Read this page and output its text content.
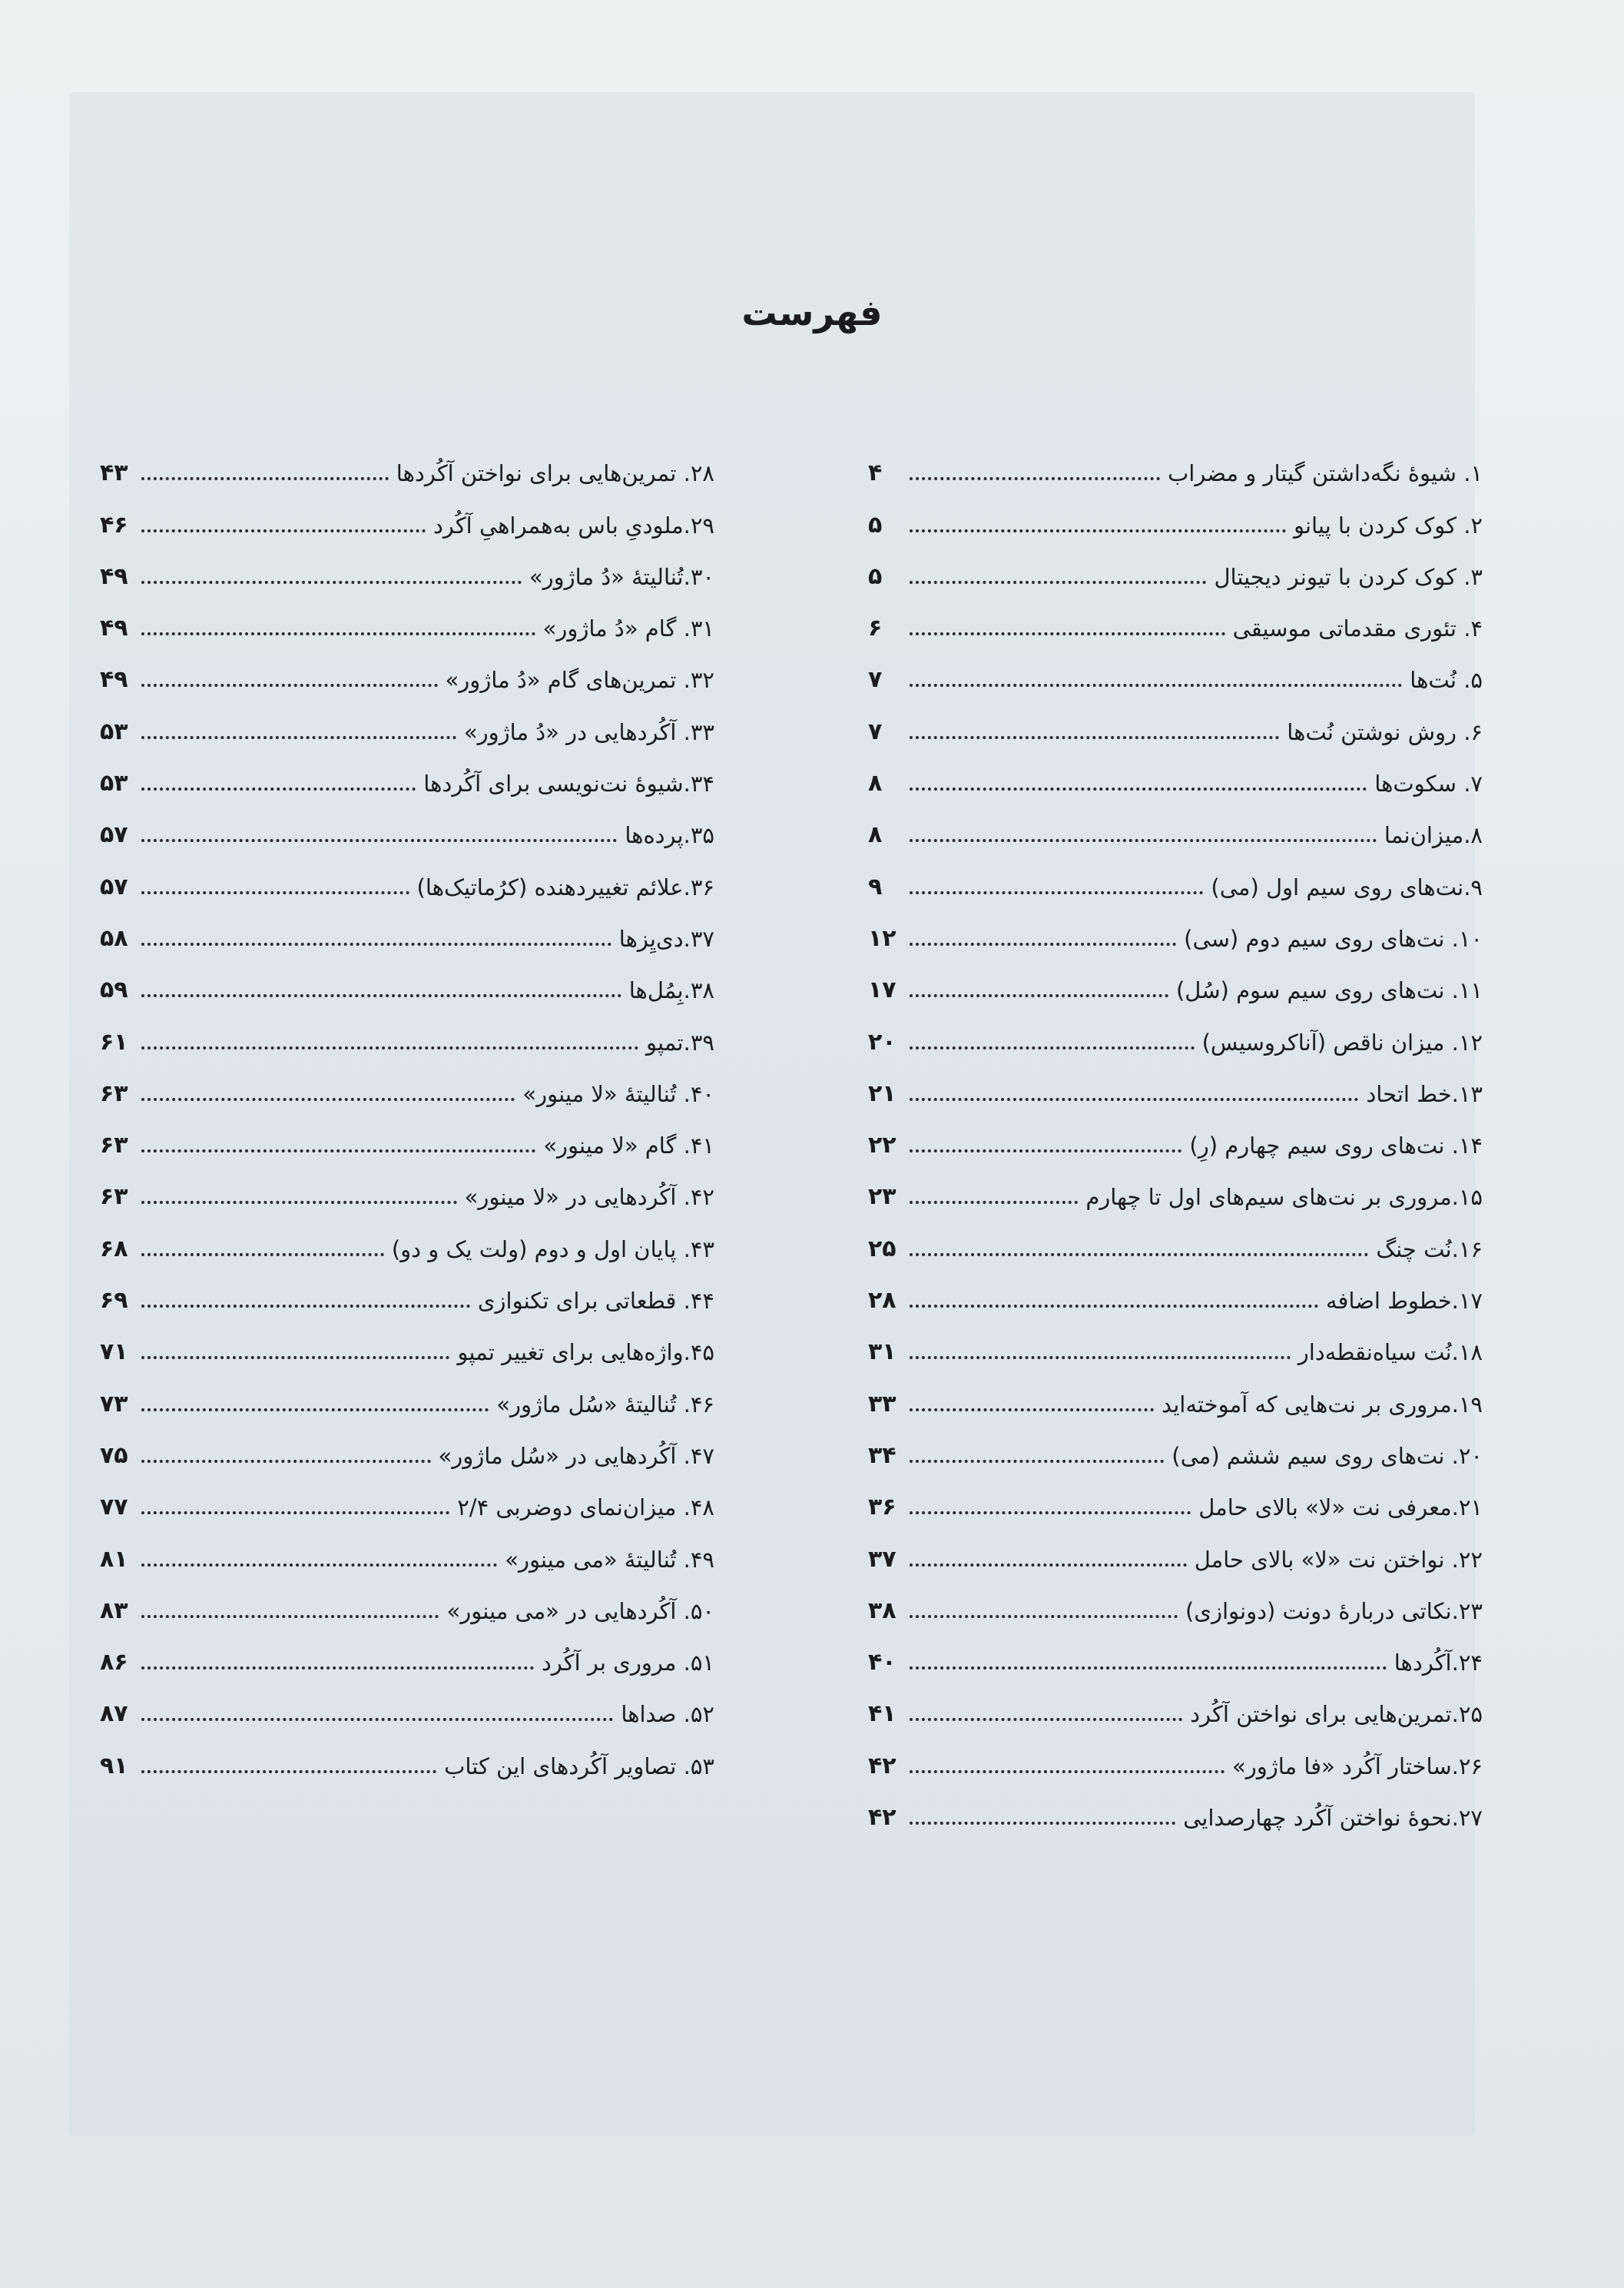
فهرست
۱. شیوهٔ نگه‌داشتن گیتار و مضراب
۴
۲. کوک کردن با پیانو
۵
۳. کوک کردن با تیونر دیجیتال
۵
۴. تئوری مقدماتی موسیقی
۶
۵. نُت‌ها
۷
۶. روش نوشتن نُت‌ها
۷
۷. سکوت‌ها
۸
۸.میزان‌نما
۸
۹.نت‌های روی سیم اول (می)
۹
۱۰. نت‌های روی سیم دوم (سی)
۱۲
۱۱. نت‌های روی سیم سوم (سُل)
۱۷
۱۲. میزان ناقص (آناکروسیس)
۲۰
۱۳.خط اتحاد
۲۱
۱۴. نت‌های روی سیم چهارم (رِ)
۲۲
۱۵.مروری بر نت‌های سیم‌های اول تا چهارم
۲۳
۱۶.نُت چنگ
۲۵
۱۷.خطوط اضافه
۲۸
۱۸.نُت سیاه‌نقطه‌دار
۳۱
۱۹.مروری بر نت‌هایی که آموخته‌اید
۳۳
۲۰. نت‌های روی سیم ششم (می)
۳۴
۲۱.معرفی نت «لا» بالای حامل
۳۶
۲۲. نواختن نت «لا» بالای حامل
۳۷
۲۳.نکاتی دربارهٔ دونت (دونوازی)
۳۸
۲۴.آکُردها
۴۰
۲۵.تمرین‌هایی برای نواختن آکُرد
۴۱
۲۶.ساختار آکُرد «فا ماژور»
۴۲
۲۷.نحوهٔ نواختن آکُرد چهارصدایی
۴۲
۲۸. تمرین‌هایی برای نواختن آکُردها
۴۳
۲۹.ملودیِ باس به‌همراهیِ آکُرد
۴۶
۳۰.تُنالیتهٔ «دُ ماژور»
۴۹
۳۱. گام «دُ ماژور»
۴۹
۳۲. تمرین‌های گام «دُ ماژور»
۴۹
۳۳. آکُردهایی در «دُ ماژور»
۵۳
۳۴.شیوهٔ نت‌نویسی برای آکُردها
۵۳
۳۵.پرده‌ها
۵۷
۳۶.علائم تغییردهنده (کرُماتیک‌ها)
۵۷
۳۷.دی‌یِزها
۵۸
۳۸.بِمُل‌ها
۵۹
۳۹.تمپو
۶۱
۴۰. تُنالیتهٔ «لا مینور»
۶۳
۴۱. گام «لا مینور»
۶۳
۴۲. آکُردهایی در «لا مینور»
۶۳
۴۳. پایان اول و دوم (ولت یک و دو)
۶۸
۴۴. قطعاتی برای تکنوازی
۶۹
۴۵.واژه‌هایی برای تغییر تمپو
۷۱
۴۶. تُنالیتهٔ «سُل ماژور»
۷۳
۴۷. آکُردهایی در «سُل ماژور»
۷۵
۴۸. میزان‌نمای دوضربی ۲/۴
۷۷
۴۹. تُنالیتهٔ «می مینور»
۸۱
۵۰. آکُردهایی در «می مینور»
۸۳
۵۱. مروری بر آکُرد
۸۶
۵۲. صداها
۸۷
۵۳. تصاویر آکُردهای این کتاب
۹۱
